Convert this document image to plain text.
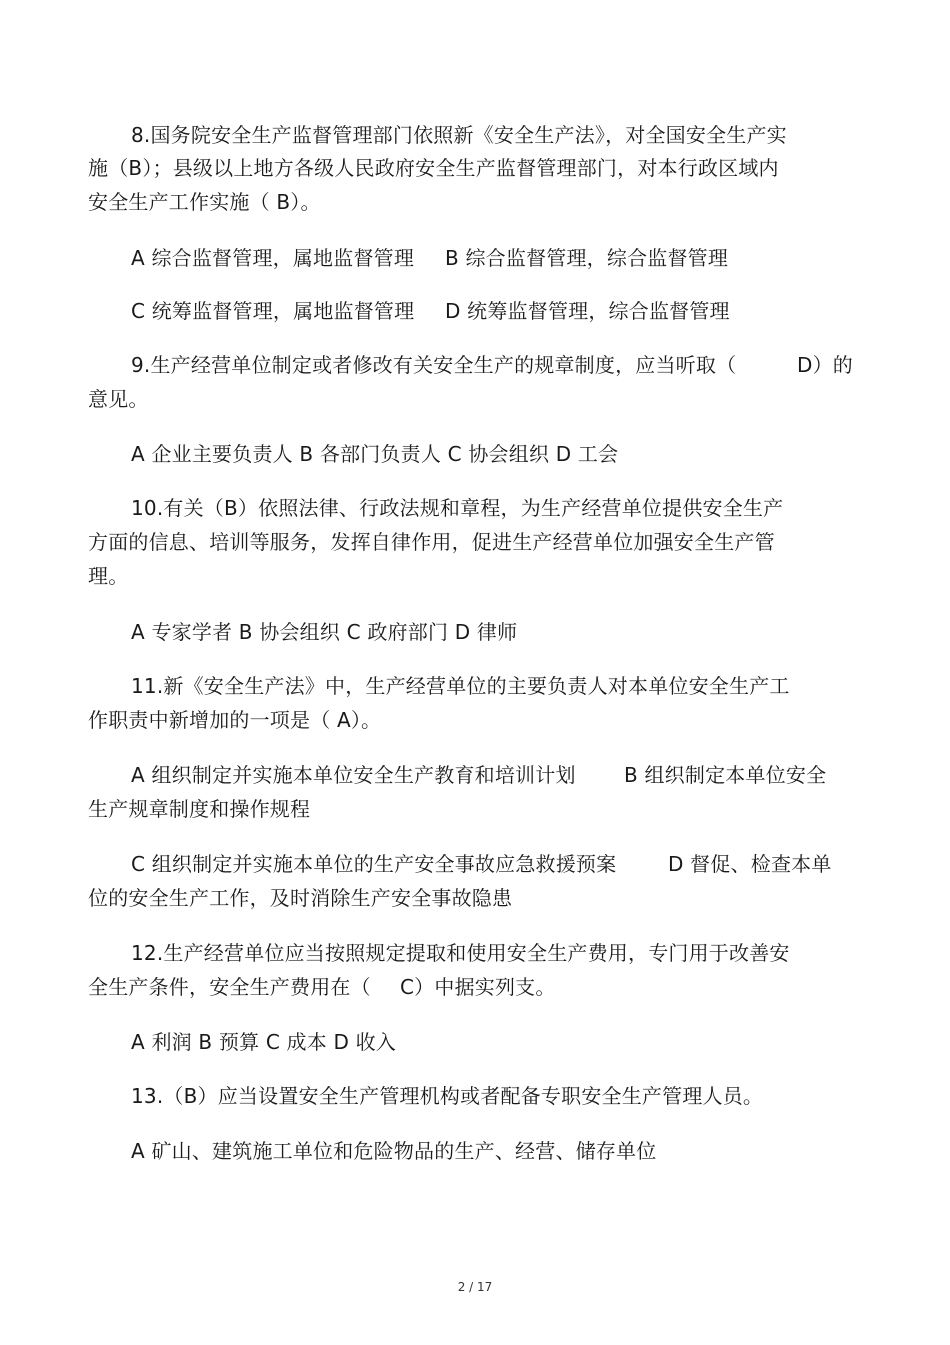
8.国务院安全生产监督管理部门依照新《安全生产法》，对全国安全生产实
施（B）；县级以上地方各级人民政府安全生产监督管理部门，对本行政区域内
安全生产工作实施（ B）。
A 综合监督管理，属地监督管理 B 综合监督管理，综合监督管理
C 统筹监督管理，属地监督管理 D 统筹监督管理，综合监督管理
9.生产经营单位制定或者修改有关安全生产的规章制度，应当听取（	D）的
意见。
A 企业主要负责人 B 各部门负责人 C 协会组织 D 工会
10.有关（B）依照法律、行政法规和章程，为生产经营单位提供安全生产
方面的信息、培训等服务，发挥自律作用，促进生产经营单位加强安全生产管
理。
A 专家学者 B 协会组织 C 政府部门 D 律师
11.新《安全生产法》中，生产经营单位的主要负责人对本单位安全生产工
作职责中新增加的一项是（ A）。
A 组织制定并实施本单位安全生产教育和培训计划 B 组织制定本单位安全
生产规章制度和操作规程
C 组织制定并实施本单位的生产安全事故应急救援预案	D 督促、检查本单
位的安全生产工作，及时消除生产安全事故隐患
12.生产经营单位应当按照规定提取和使用安全生产费用，专门用于改善安
全生产条件，安全生产费用在（ C）中据实列支。
A 利润 B 预算 C 成本 D 收入
13.（B）应当设置安全生产管理机构或者配备专职安全生产管理人员。
A 矿山、建筑施工单位和危险物品的生产、经营、储存单位
2 / 17
